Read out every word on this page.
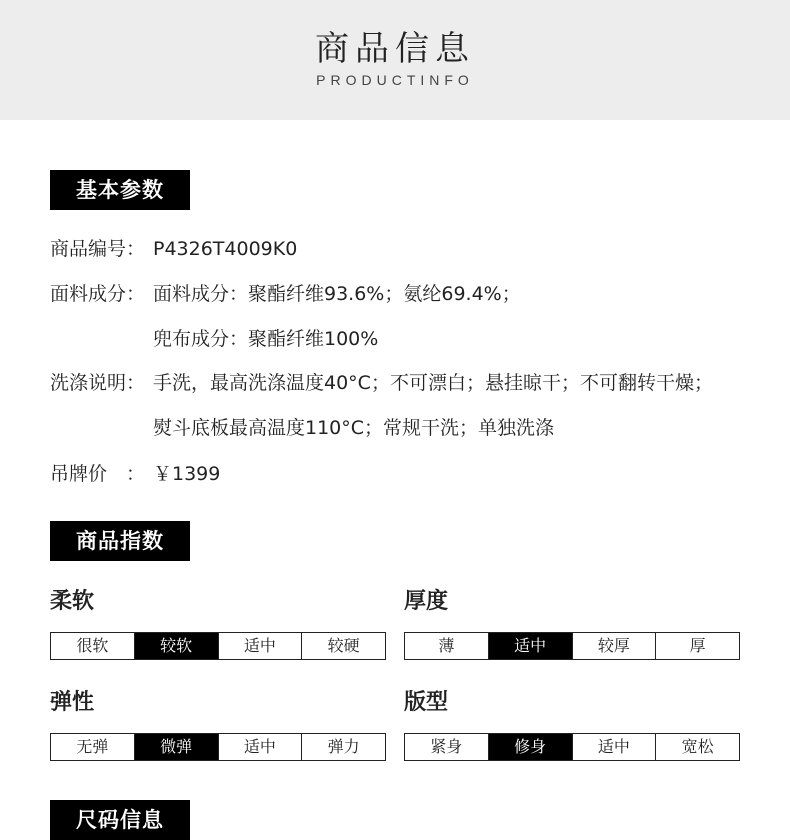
商品信息
PRODUCTINFO
基本参数
商品编号： P4326T4009K0
面料成分： 面料成分：聚酯纤维93.6%；氨纶69.4%；
兜布成分：聚酯纤维100%
洗涤说明： 手洗，最高洗涤温度40°C；不可漂白；悬挂晾干；不可翻转干燥；
熨斗底板最高温度110°C；常规干洗；单独洗涤
吊牌价　： ￥1399
商品指数
柔软
很软	较软	适中	较硬
厚度
薄	适中	较厚	厚
弹性
无弹	微弹	适中	弹力
版型
紧身	修身	适中	宽松
尺码信息
